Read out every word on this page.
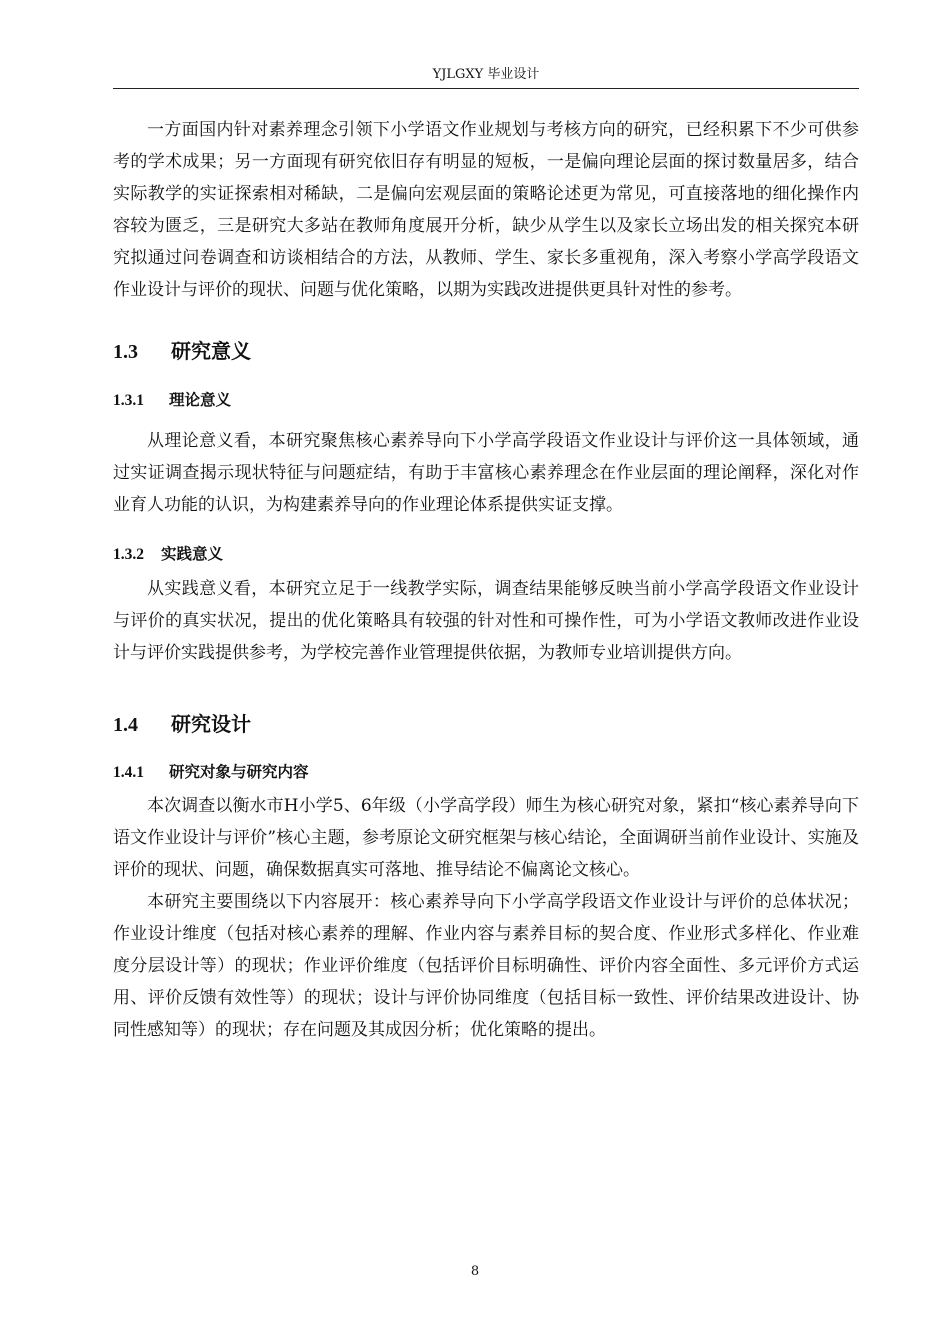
YJLGXY 毕业设计

一方面国内针对素养理念引领下小学语文作业规划与考核方向的研究，已经积累下不少可供参考的学术成果；另一方面现有研究依旧存有明显的短板，一是偏向理论层面的探讨数量居多，结合实际教学的实证探索相对稀缺，二是偏向宏观层面的策略论述更为常见，可直接落地的细化操作内容较为匮乏，三是研究大多站在教师角度展开分析，缺少从学生以及家长立场出发的相关探究本研究拟通过问卷调查和访谈相结合的方法，从教师、学生、家长多重视角，深入考察小学高学段语文作业设计与评价的现状、问题与优化策略，以期为实践改进提供更具针对性的参考。

1.3 研究意义
1.3.1 理论意义

从理论意义看，本研究聚焦核心素养导向下小学高学段语文作业设计与评价这一具体领域，通过实证调查揭示现状特征与问题症结，有助于丰富核心素养理念在作业层面的理论阐释，深化对作业育人功能的认识，为构建素养导向的作业理论体系提供实证支撑。

1.3.2 实践意义

从实践意义看，本研究立足于一线教学实际，调查结果能够反映当前小学高学段语文作业设计与评价的真实状况，提出的优化策略具有较强的针对性和可操作性，可为小学语文教师改进作业设计与评价实践提供参考，为学校完善作业管理提供依据，为教师专业培训提供方向。

1.4 研究设计
1.4.1 研究对象与研究内容

本次调查以衡水市H小学5、6年级（小学高学段）师生为核心研究对象，紧扣“核心素养导向下语文作业设计与评价”核心主题，参考原论文研究框架与核心结论，全面调研当前作业设计、实施及评价的现状、问题，确保数据真实可落地、推导结论不偏离论文核心。

本研究主要围绕以下内容展开：核心素养导向下小学高学段语文作业设计与评价的总体状况；作业设计维度（包括对核心素养的理解、作业内容与素养目标的契合度、作业形式多样化、作业难度分层设计等）的现状；作业评价维度（包括评价目标明确性、评价内容全面性、多元评价方式运用、评价反馈有效性等）的现状；设计与评价协同维度（包括目标一致性、评价结果改进设计、协同性感知等）的现状；存在问题及其成因分析；优化策略的提出。

8
